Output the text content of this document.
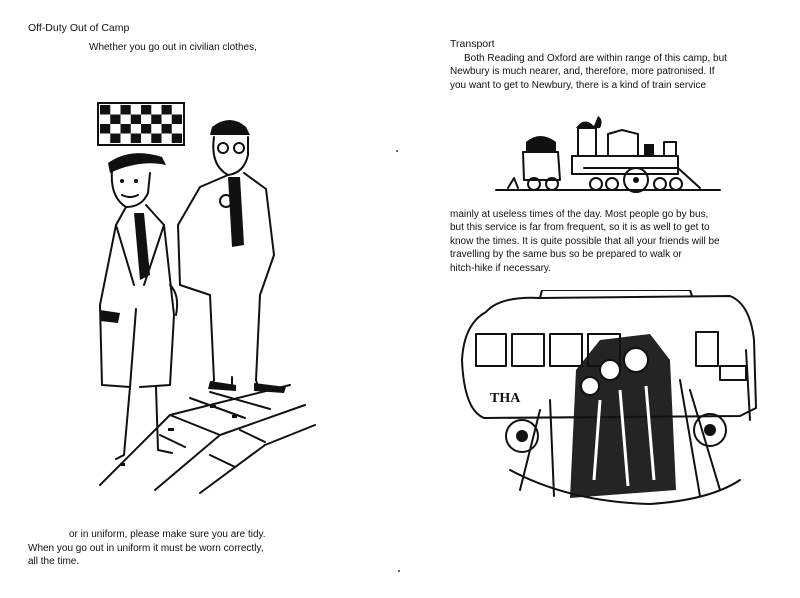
Off-Duty Out of Camp
Whether you go out in civilian clothes,
or in uniform, please make sure you are tidy.
When you go out in uniform it must be worn correctly,
all the time.
Transport
Both Reading and Oxford are within range of this camp, but
Newbury is much nearer, and, therefore, more patronised. If
you want to get to Newbury, there is a kind of train service
mainly at useless times of the day. Most people go by bus,
but this service is far from frequent, so it is as well to get to
know the times. It is quite possible that all your friends will be
travelling by the same bus so be prepared to walk or
hitch-hike if necessary.
THA
